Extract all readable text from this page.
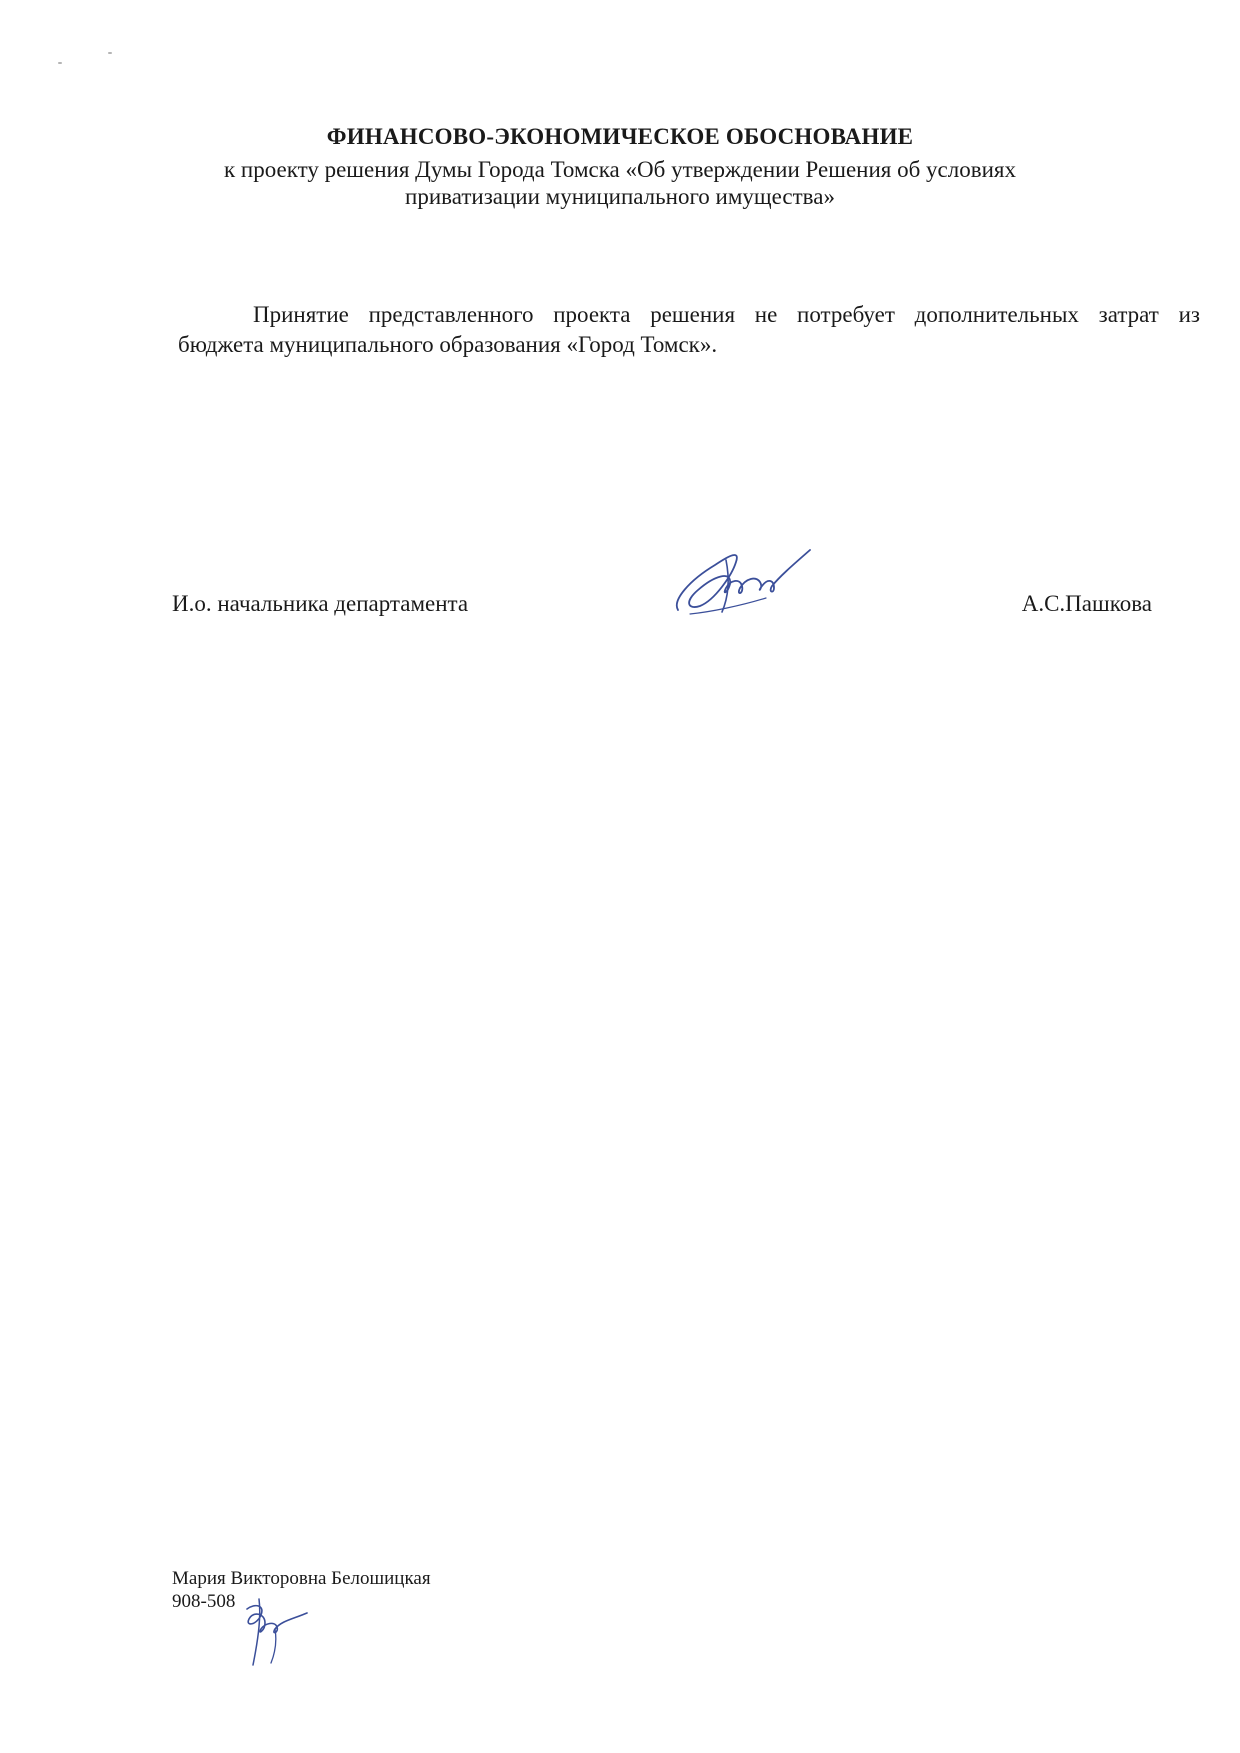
ФИНАНСОВО-ЭКОНОМИЧЕСКОЕ ОБОСНОВАНИЕ
к проекту решения Думы Города Томска «Об утверждении Решения об условиях
приватизации муниципального имущества»
Принятие представленного проекта решения не потребует дополнительных затрат из
бюджета муниципального образования «Город Томск».
И.о. начальника департамента	А.С.Пашкова
Мария Викторовна Белошицкая
908-508
